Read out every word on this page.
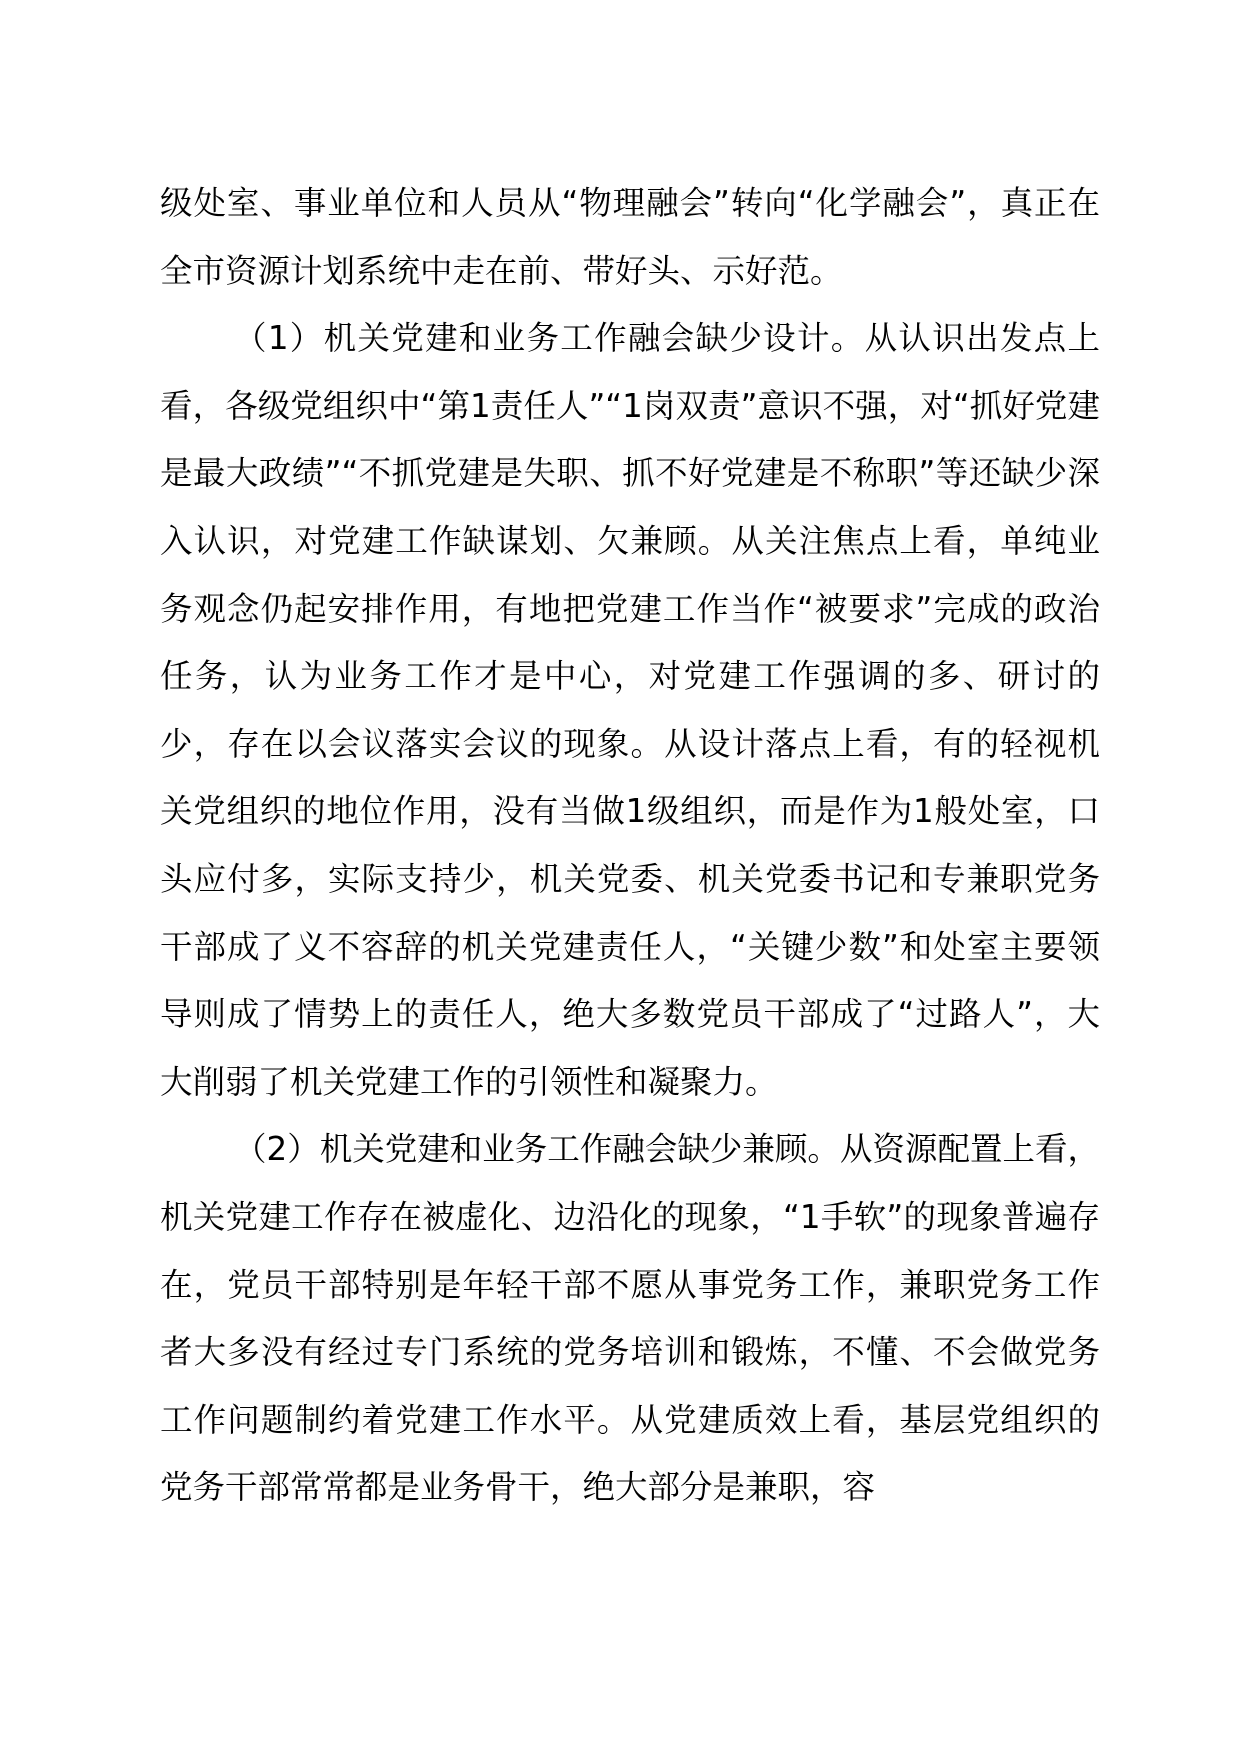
级处室、事业单位和人员从“物理融会”转向“化学融会”，真正在全市资源计划系统中走在前、带好头、示好范。

（1）机关党建和业务工作融会缺少设计。从认识出发点上看，各级党组织中“第1责任人”“1岗双责”意识不强，对“抓好党建是最大政绩”“不抓党建是失职、抓不好党建是不称职”等还缺少深入认识，对党建工作缺谋划、欠兼顾。从关注焦点上看，单纯业务观念仍起安排作用，有地把党建工作当作“被要求”完成的政治任务，认为业务工作才是中心，对党建工作强调的多、研讨的少，存在以会议落实会议的现象。从设计落点上看，有的轻视机关党组织的地位作用，没有当做1级组织，而是作为1般处室，口头应付多，实际支持少，机关党委、机关党委书记和专兼职党务干部成了义不容辞的机关党建责任人，“关键少数”和处室主要领导则成了情势上的责任人，绝大多数党员干部成了“过路人”，大大削弱了机关党建工作的引领性和凝聚力。

（2）机关党建和业务工作融会缺少兼顾。从资源配置上看，机关党建工作存在被虚化、边沿化的现象，“1手软”的现象普遍存在，党员干部特别是年轻干部不愿从事党务工作，兼职党务工作者大多没有经过专门系统的党务培训和锻炼，不懂、不会做党务工作问题制约着党建工作水平。从党建质效上看，基层党组织的党务干部常常都是业务骨干，绝大部分是兼职，容
